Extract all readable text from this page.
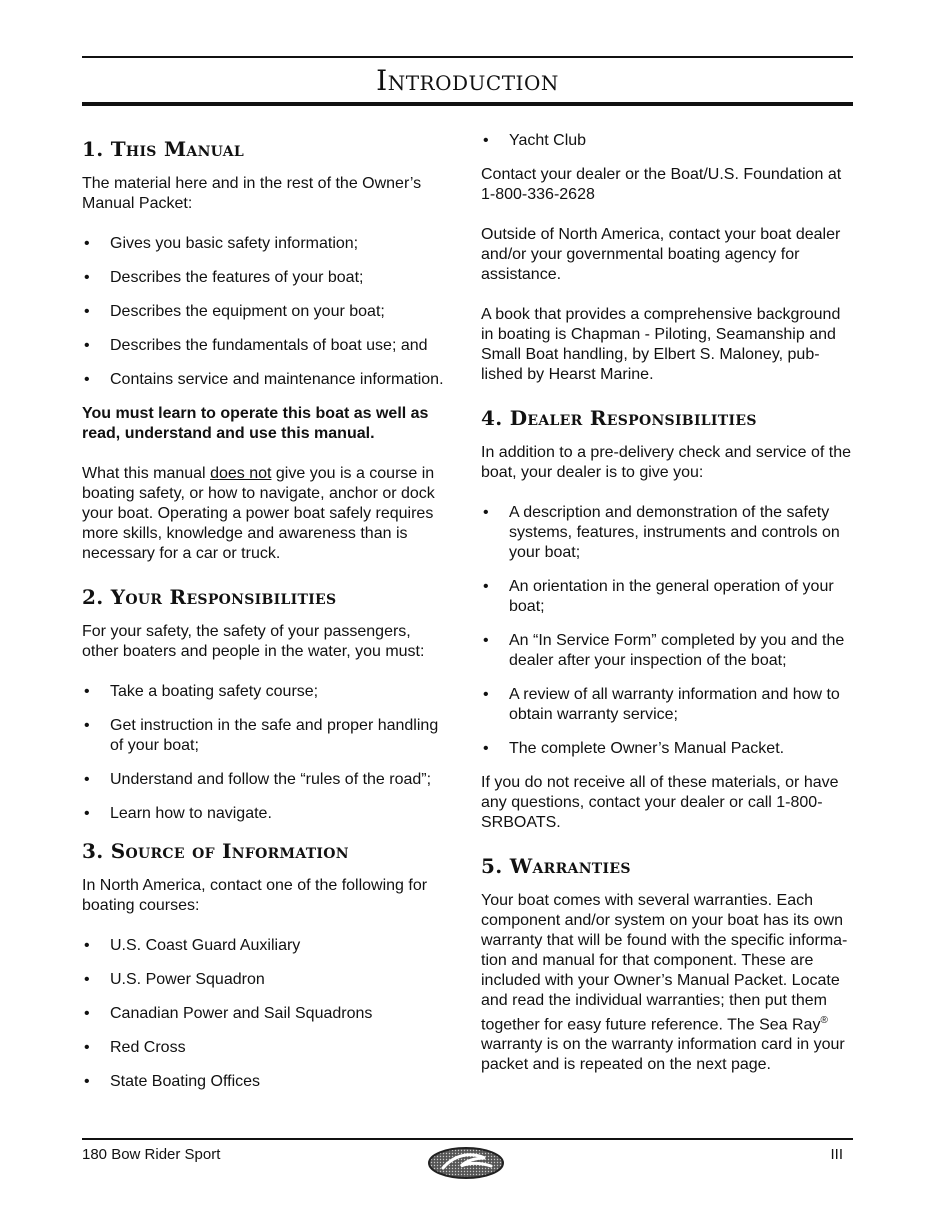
Introduction
1. This Manual

The material here and in the rest of the Owner’s Manual Packet:

• Gives you basic safety information;
• Describes the features of your boat;
• Describes the equipment on your boat;
• Describes the fundamentals of boat use; and
• Contains service and maintenance information.

You must learn to operate this boat as well as read, understand and use this manual.

What this manual does not give you is a course in boating safety, or how to navigate, anchor or dock your boat. Operating a power boat safely requires more skills, knowledge and awareness than is necessary for a car or truck.

2. Your Responsibilities

For your safety, the safety of your passengers, other boaters and people in the water, you must:

• Take a boating safety course;
• Get instruction in the safe and proper handling of your boat;
• Understand and follow the “rules of the road”;
• Learn how to navigate.
3. Source of Information

In North America, contact one of the following for boating courses:

• U.S. Coast Guard Auxiliary
• U.S. Power Squadron
• Canadian Power and Sail Squadrons
• Red Cross
• State Boating Offices
• Yacht Club

Contact your dealer or the Boat/U.S. Foundation at 1-800-336-2628

Outside of North America, contact your boat dealer and/or your governmental boating agency for assistance.

A book that provides a comprehensive background in boating is Chapman - Piloting, Seamanship and Small Boat handling, by Elbert S. Maloney, pub-lished by Hearst Marine.

4. Dealer Responsibilities

In addition to a pre-delivery check and service of the boat, your dealer is to give you:

• A description and demonstration of the safety systems, features, instruments and controls on your boat;
• An orientation in the general operation of your boat;
• An “In Service Form” completed by you and the dealer after your inspection of the boat;
• A review of all warranty information and how to obtain warranty service;
• The complete Owner’s Manual Packet.

If you do not receive all of these materials, or have any questions, contact your dealer or call 1-800-SRBOATS.

5. Warranties

Your boat comes with several warranties. Each component and/or system on your boat has its own warranty that will be found with the specific informa-tion and manual for that component. These are included with your Owner’s Manual Packet. Locate and read the individual warranties; then put them together for easy future reference. The Sea Ray® warranty is on the warranty information card in your packet and is repeated on the next page.

180 Bow Rider Sport	III
